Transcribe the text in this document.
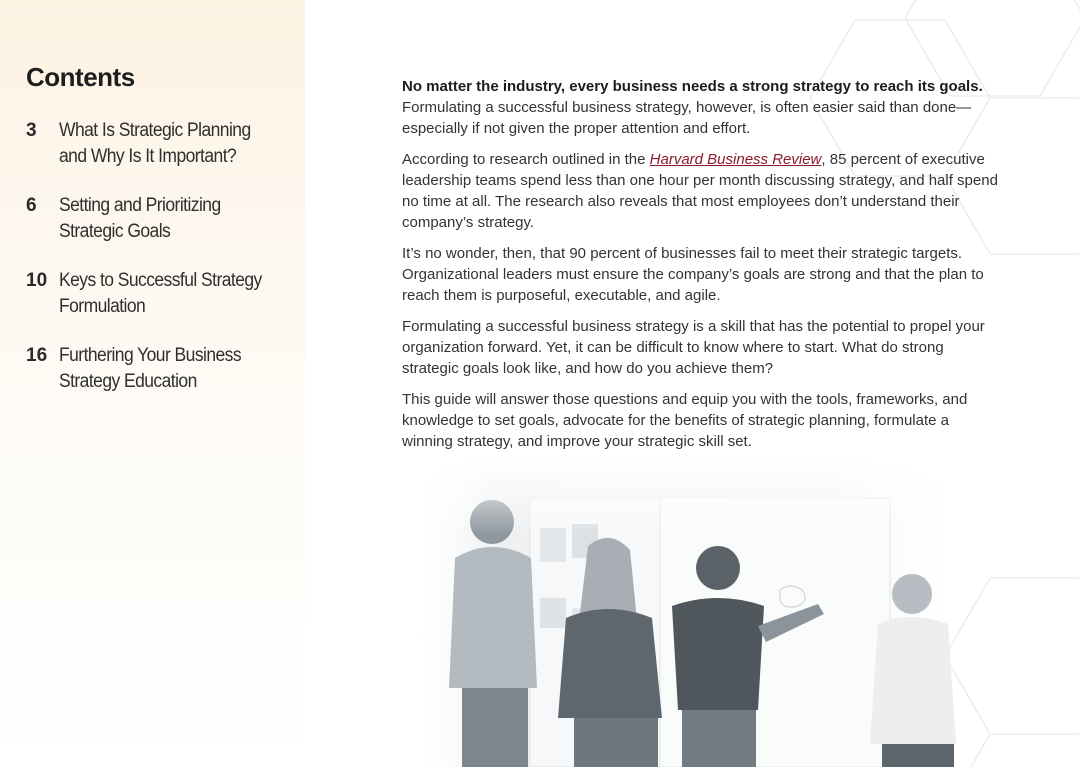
Contents
3	What Is Strategic Planning
and Why Is It Important?
6	Setting and Prioritizing
Strategic Goals
10 Keys to Successful Strategy
Formulation
16 Furthering Your Business
Strategy Education

No matter the industry, every business needs a strong strategy to reach its goals. Formulating a successful business strategy, however, is often easier said than done—especially if not given the proper attention and effort.

According to research outlined in the Harvard Business Review, 85 percent of executive leadership teams spend less than one hour per month discussing strategy, and half spend no time at all. The research also reveals that most employees don’t understand their company’s strategy.

It’s no wonder, then, that 90 percent of businesses fail to meet their strategic targets. Organizational leaders must ensure the company’s goals are strong and that the plan to reach them is purposeful, executable, and agile.

Formulating a successful business strategy is a skill that has the potential to propel your organization forward. Yet, it can be difficult to know where to start. What do strong strategic goals look like, and how do you achieve them?

This guide will answer those questions and equip you with the tools, frameworks, and knowledge to set goals, advocate for the benefits of strategic planning, formulate a winning strategy, and improve your strategic skill set.
